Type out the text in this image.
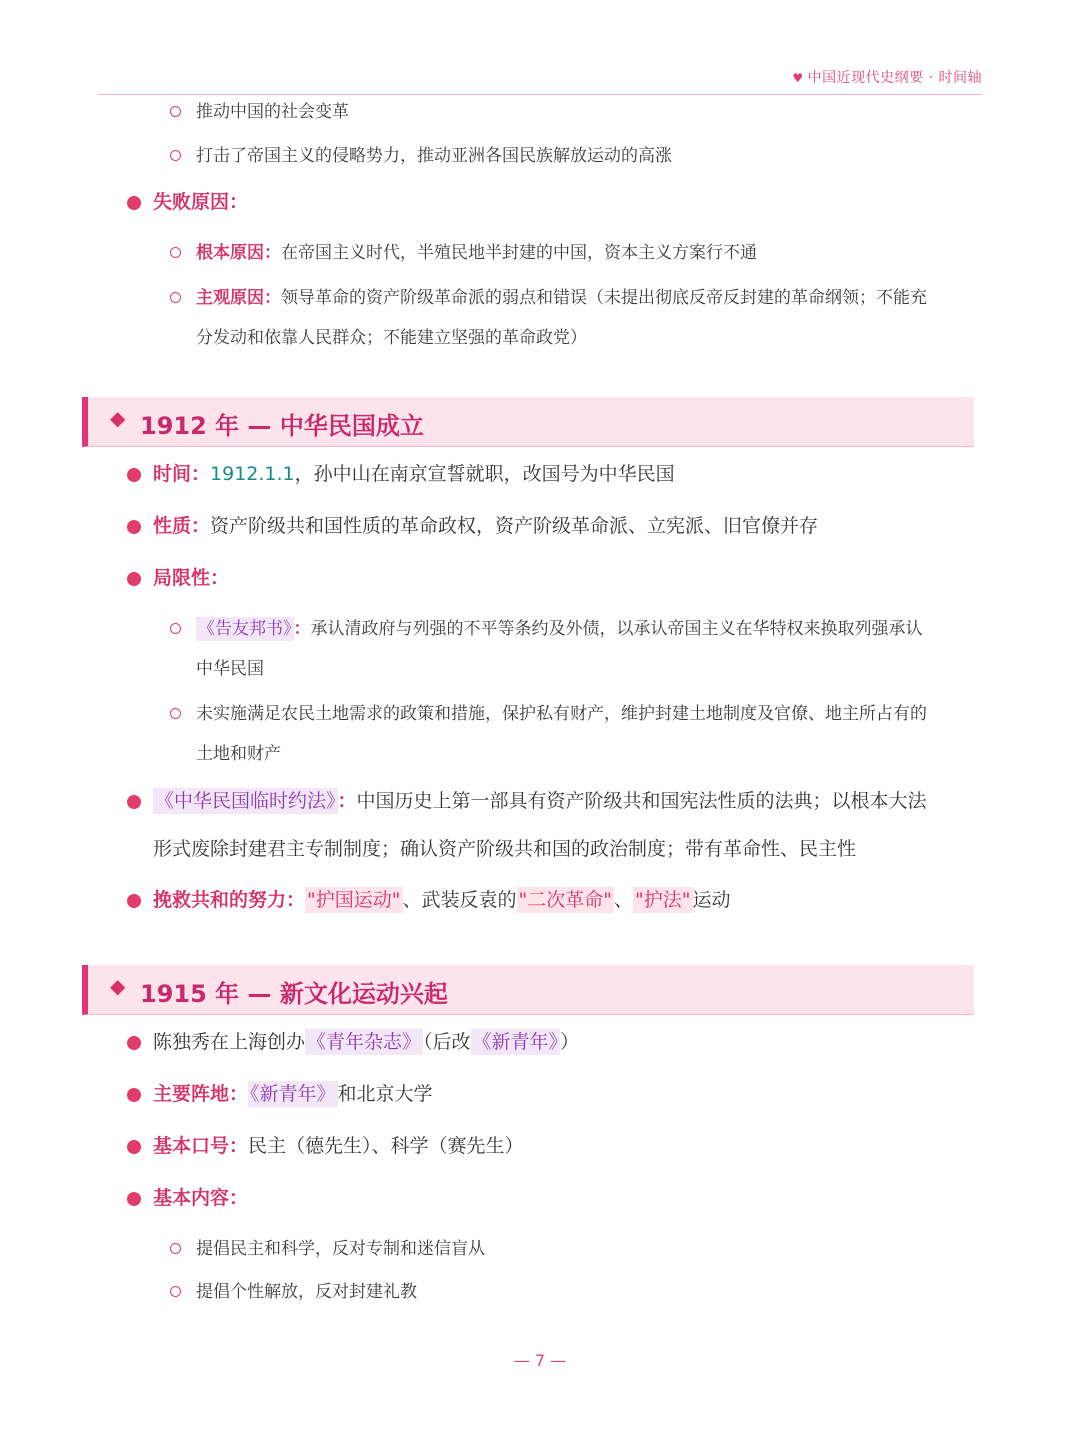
♥ 中国近现代史纲要 · 时间轴
推动中国的社会变革
打击了帝国主义的侵略势力，推动亚洲各国民族解放运动的高涨
失败原因：
根本原因：在帝国主义时代，半殖民地半封建的中国，资本主义方案行不通
主观原因：领导革命的资产阶级革命派的弱点和错误（未提出彻底反帝反封建的革命纲领；不能充
分发动和依靠人民群众；不能建立坚强的革命政党）
◆ 1912 年 — 中华民国成立
时间：1912.1.1，孙中山在南京宣誓就职，改国号为中华民国
性质：资产阶级共和国性质的革命政权，资产阶级革命派、立宪派、旧官僚并存
局限性：
《告友邦书》 ：承认清政府与列强的不平等条约及外债，以承认帝国主义在华特权来换取列强承认
中华民国
未实施满足农民土地需求的政策和措施，保护私有财产，维护封建土地制度及官僚、地主所占有的
土地和财产
《中华民国临时约法》 ：中国历史上第一部具有资产阶级共和国宪法性质的法典；以根本大法
形式废除封建君主专制制度；确认资产阶级共和国的政治制度；带有革命性、民主性
挽救共和的努力： "护国运动" 、武装反袁的 "二次革命" 、 "护法" 运动
◆ 1915 年 — 新文化运动兴起
陈独秀在上海创办 《青年杂志》 （后改 《新青年》 ）
主要阵地： 《新青年》 和北京大学
基本口号：民主（德先生）、科学（赛先生）
基本内容：
提倡民主和科学，反对专制和迷信盲从
提倡个性解放，反对封建礼教
— 7 —
